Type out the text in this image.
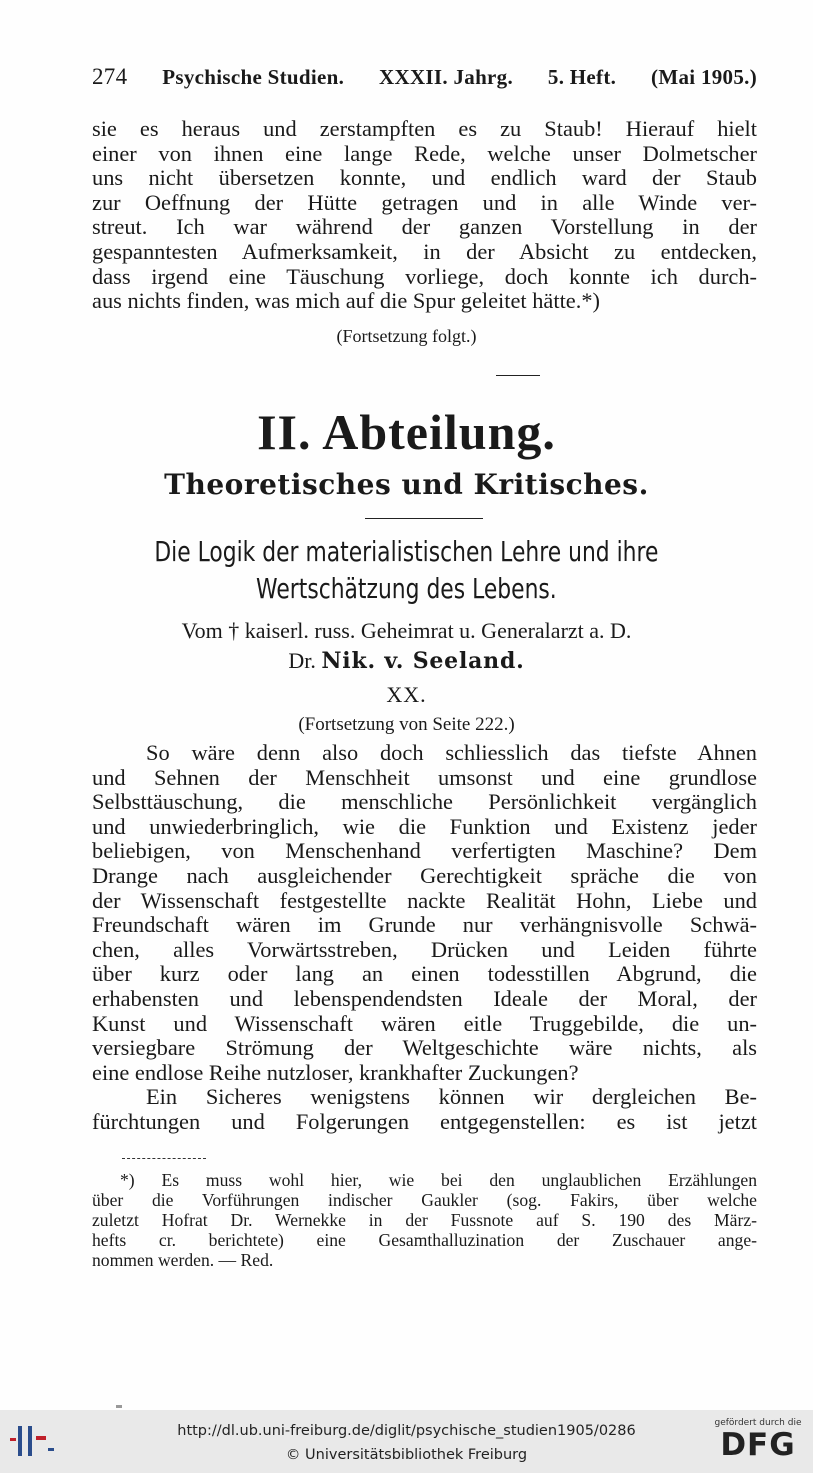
274 Psychische Studien. XXXII. Jahrg. 5. Heft. (Mai 1905.)
sie es heraus und zerstampften es zu Staub! Hierauf hielt
einer von ihnen eine lange Rede, welche unser Dolmetscher
uns nicht übersetzen konnte, und endlich ward der Staub
zur Oeffnung der Hütte getragen und in alle Winde ver-
streut. Ich war während der ganzen Vorstellung in der
gespanntesten Aufmerksamkeit, in der Absicht zu entdecken,
dass irgend eine Täuschung vorliege, doch konnte ich durch-
aus nichts finden, was mich auf die Spur geleitet hätte.*)
(Fortsetzung folgt.)
II. Abteilung.
Theoretisches und Kritisches.
Die Logik der materialistischen Lehre und ihre
Wertschätzung des Lebens.
Vom † kaiserl. russ. Geheimrat u. Generalarzt a. D.
Dr. Nik. v. Seeland.
XX.
(Fortsetzung von Seite 222.)
So wäre denn also doch schliesslich das tiefste Ahnen
und Sehnen der Menschheit umsonst und eine grundlose
Selbsttäuschung, die menschliche Persönlichkeit vergänglich
und unwiederbringlich, wie die Funktion und Existenz jeder
beliebigen, von Menschenhand verfertigten Maschine? Dem
Drange nach ausgleichender Gerechtigkeit spräche die von
der Wissenschaft festgestellte nackte Realität Hohn, Liebe und
Freundschaft wären im Grunde nur verhängnisvolle Schwä-
chen, alles Vorwärtsstreben, Drücken und Leiden führte
über kurz oder lang an einen todesstillen Abgrund, die
erhabensten und lebenspendendsten Ideale der Moral, der
Kunst und Wissenschaft wären eitle Truggebilde, die un-
versiegbare Strömung der Weltgeschichte wäre nichts, als
eine endlose Reihe nutzloser, krankhafter Zuckungen?
Ein Sicheres wenigstens können wir dergleichen Be-
fürchtungen und Folgerungen entgegenstellen: es ist jetzt
*) Es muss wohl hier, wie bei den unglaublichen Erzählungen
über die Vorführungen indischer Gaukler (sog. Fakirs, über welche
zuletzt Hofrat Dr. Wernekke in der Fussnote auf S. 190 des März-
hefts cr. berichtete) eine Gesamthalluzination der Zuschauer ange-
nommen werden. — Red.
http://dl.ub.uni-freiburg.de/diglit/psychische_studien1905/0286
© Universitätsbibliothek Freiburg
gefördert durch die
DFG
